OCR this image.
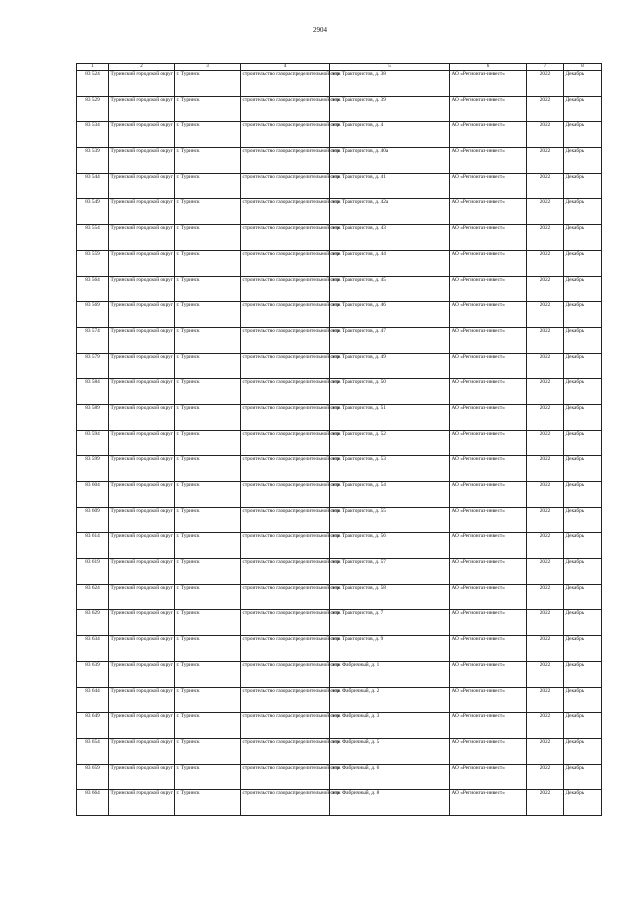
2904
1	2	3	4	5	6	7	8
83 524	Туринский городской округ	г. Туринск	строительство газораспределительной сети	пер. Трактористов, д. 38	АО «Регионгаз-инвест»	2022	Декабрь
83 529	Туринский городской округ	г. Туринск	строительство газораспределительной сети	пер. Трактористов, д. 39	АО «Регионгаз-инвест»	2022	Декабрь
83 534	Туринский городской округ	г. Туринск	строительство газораспределительной сети	пер. Трактористов, д. 4	АО «Регионгаз-инвест»	2022	Декабрь
83 539	Туринский городской округ	г. Туринск	строительство газораспределительной сети	пер. Трактористов, д. 40а	АО «Регионгаз-инвест»	2022	Декабрь
83 544	Туринский городской округ	г. Туринск	строительство газораспределительной сети	пер. Трактористов, д. 41	АО «Регионгаз-инвест»	2022	Декабрь
83 549	Туринский городской округ	г. Туринск	строительство газораспределительной сети	пер. Трактористов, д. 42а	АО «Регионгаз-инвест»	2022	Декабрь
83 554	Туринский городской округ	г. Туринск	строительство газораспределительной сети	пер. Трактористов, д. 43	АО «Регионгаз-инвест»	2022	Декабрь
83 559	Туринский городской округ	г. Туринск	строительство газораспределительной сети	пер. Трактористов, д. 44	АО «Регионгаз-инвест»	2022	Декабрь
83 564	Туринский городской округ	г. Туринск	строительство газораспределительной сети	пер. Трактористов, д. 45	АО «Регионгаз-инвест»	2022	Декабрь
83 569	Туринский городской округ	г. Туринск	строительство газораспределительной сети	пер. Трактористов, д. 46	АО «Регионгаз-инвест»	2022	Декабрь
83 574	Туринский городской округ	г. Туринск	строительство газораспределительной сети	пер. Трактористов, д. 47	АО «Регионгаз-инвест»	2022	Декабрь
83 579	Туринский городской округ	г. Туринск	строительство газораспределительной сети	пер. Трактористов, д. 49	АО «Регионгаз-инвест»	2022	Декабрь
83 584	Туринский городской округ	г. Туринск	строительство газораспределительной сети	пер. Трактористов, д. 50	АО «Регионгаз-инвест»	2022	Декабрь
83 589	Туринский городской округ	г. Туринск	строительство газораспределительной сети	пер. Трактористов, д. 51	АО «Регионгаз-инвест»	2022	Декабрь
83 594	Туринский городской округ	г. Туринск	строительство газораспределительной сети	пер. Трактористов, д. 52	АО «Регионгаз-инвест»	2022	Декабрь
83 599	Туринский городской округ	г. Туринск	строительство газораспределительной сети	пер. Трактористов, д. 53	АО «Регионгаз-инвест»	2022	Декабрь
83 604	Туринский городской округ	г. Туринск	строительство газораспределительной сети	пер. Трактористов, д. 54	АО «Регионгаз-инвест»	2022	Декабрь
83 609	Туринский городской округ	г. Туринск	строительство газораспределительной сети	пер. Трактористов, д. 55	АО «Регионгаз-инвест»	2022	Декабрь
83 614	Туринский городской округ	г. Туринск	строительство газораспределительной сети	пер. Трактористов, д. 56	АО «Регионгаз-инвест»	2022	Декабрь
83 619	Туринский городской округ	г. Туринск	строительство газораспределительной сети	пер. Трактористов, д. 57	АО «Регионгаз-инвест»	2022	Декабрь
83 624	Туринский городской округ	г. Туринск	строительство газораспределительной сети	пер. Трактористов, д. 58	АО «Регионгаз-инвест»	2022	Декабрь
83 629	Туринский городской округ	г. Туринск	строительство газораспределительной сети	пер. Трактористов, д. 7	АО «Регионгаз-инвест»	2022	Декабрь
83 634	Туринский городской округ	г. Туринск	строительство газораспределительной сети	пер. Трактористов, д. 9	АО «Регионгаз-инвест»	2022	Декабрь
83 639	Туринский городской округ	г. Туринск	строительство газораспределительной сети	пер. Фабричный, д. 1	АО «Регионгаз-инвест»	2022	Декабрь
83 644	Туринский городской округ	г. Туринск	строительство газораспределительной сети	пер. Фабричный, д. 2	АО «Регионгаз-инвест»	2022	Декабрь
83 649	Туринский городской округ	г. Туринск	строительство газораспределительной сети	пер. Фабричный, д. 3	АО «Регионгаз-инвест»	2022	Декабрь
83 654	Туринский городской округ	г. Туринск	строительство газораспределительной сети	пер. Фабричный, д. 5	АО «Регионгаз-инвест»	2022	Декабрь
83 659	Туринский городской округ	г. Туринск	строительство газораспределительной сети	пер. Фабричный, д. 6	АО «Регионгаз-инвест»	2022	Декабрь
83 664	Туринский городской округ	г. Туринск	строительство газораспределительной сети	пер. Фабричный, д. 8	АО «Регионгаз-инвест»	2022	Декабрь
